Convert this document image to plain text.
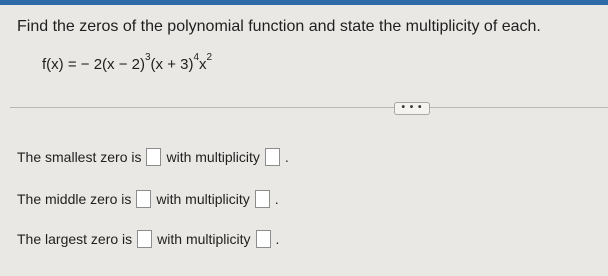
Find the zeros of the polynomial function and state the multiplicity of each.
f(x) = − $2(x - 2)^3(x + 3)^4x^2$
• • •
The smallest zero is with multiplicity .
The middle zero is with multiplicity .
The largest zero is with multiplicity .
